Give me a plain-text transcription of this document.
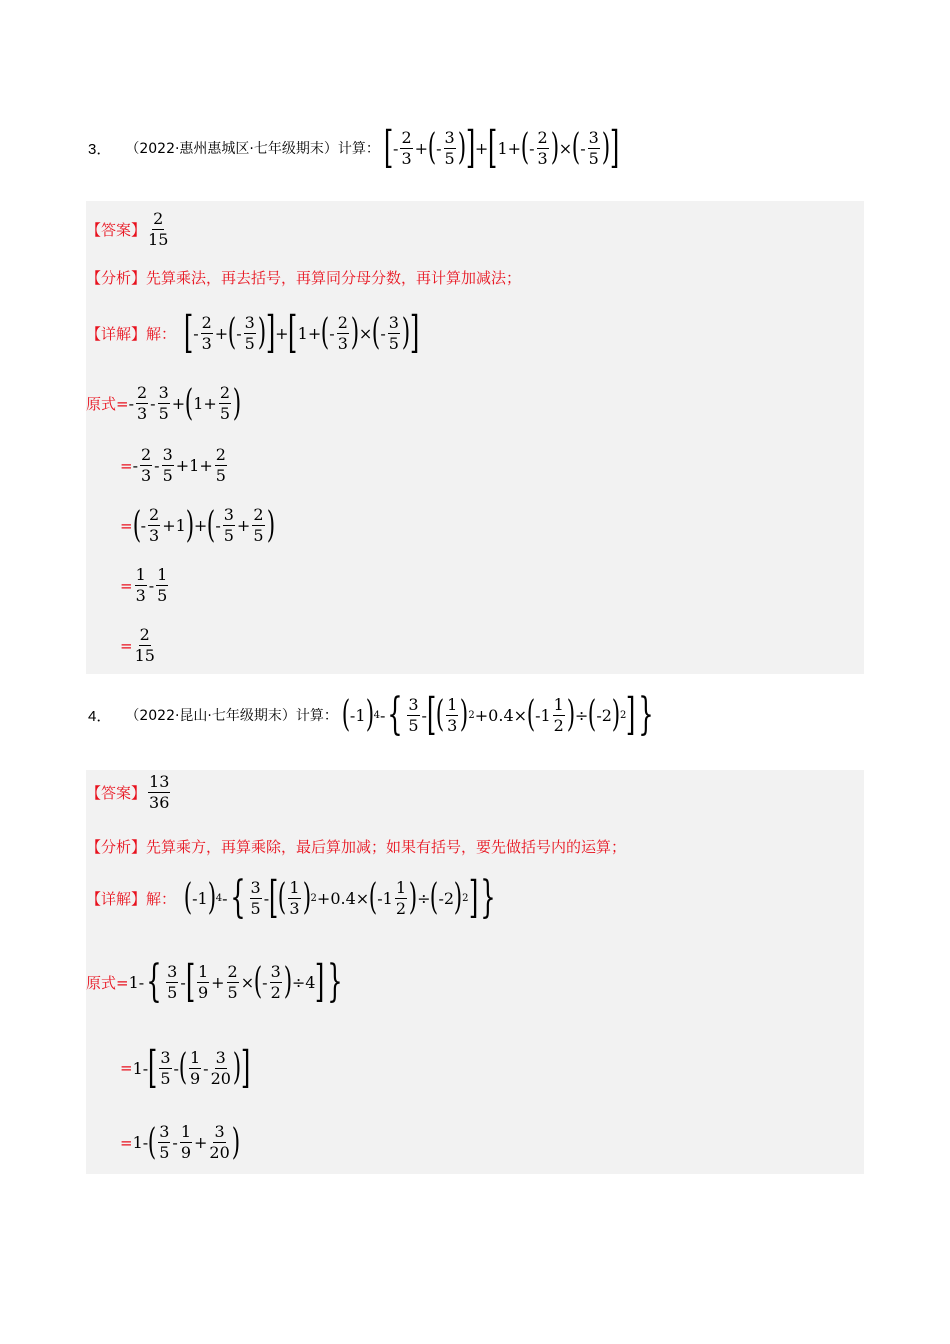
3． （2022·惠州惠城区·七年级期末） 计算： [ - $\frac{2}{3}$ + ( - $\frac{3}{5}$ ) ] + [ 1+ ( - $\frac{2}{3}$ ) × ( - $\frac{3}{5}$ ) ]
【答案】 $\frac{2}{15}$
【分析】 先算乘法，再去括号，再算同分母分数，再计算加减法；
【详解】 解： [ - $\frac{2}{3}$ + ( - $\frac{3}{5}$ ) ] + [ 1+ ( - $\frac{2}{3}$ ) × ( - $\frac{3}{5}$ ) ]
原式= - $\frac{2}{3} - \frac{3}{5}$ + ( $1+ \frac{2}{5}$ )
= - $\frac{2}{3} - \frac{3}{5} +1+ \frac{2}{5}$
= ( - $\frac{2}{3} +1$ ) + ( - $\frac{3}{5} + \frac{2}{5}$ )
= $\frac{1}{3} - \frac{1}{5}$
= $\frac{2}{15}$
4． （2022·昆山·七年级期末） 计算： ( -1 ) 4 - { $\frac{3}{5}$ - [ ( $\frac{1}{3}$ ) 2 +0.4× ( $-1 \frac{1}{2}$ ) ÷ ( -2 ) 2 ] }
【答案】 $\frac{13}{36}$
【分析】 先算乘方，再算乘除，最后算加减；如果有括号，要先做括号内的运算；
【详解】 解： ( -1 ) 4 - { $\frac{3}{5}$ - [ ( $\frac{1}{3}$ ) 2 +0.4× ( $-1 \frac{1}{2}$ ) ÷ ( -2 ) 2 ] }
原式= 1- { $\frac{3}{5}$ - [ $\frac{1}{9} + \frac{2}{5}$ × ( - $\frac{3}{2}$ ) ÷4 ] }
= 1- [ $\frac{3}{5}$ - ( $\frac{1}{9} - \frac{3}{20}$ ) ]
= 1- ( $\frac{3}{5} - \frac{1}{9} + \frac{3}{20}$ )
